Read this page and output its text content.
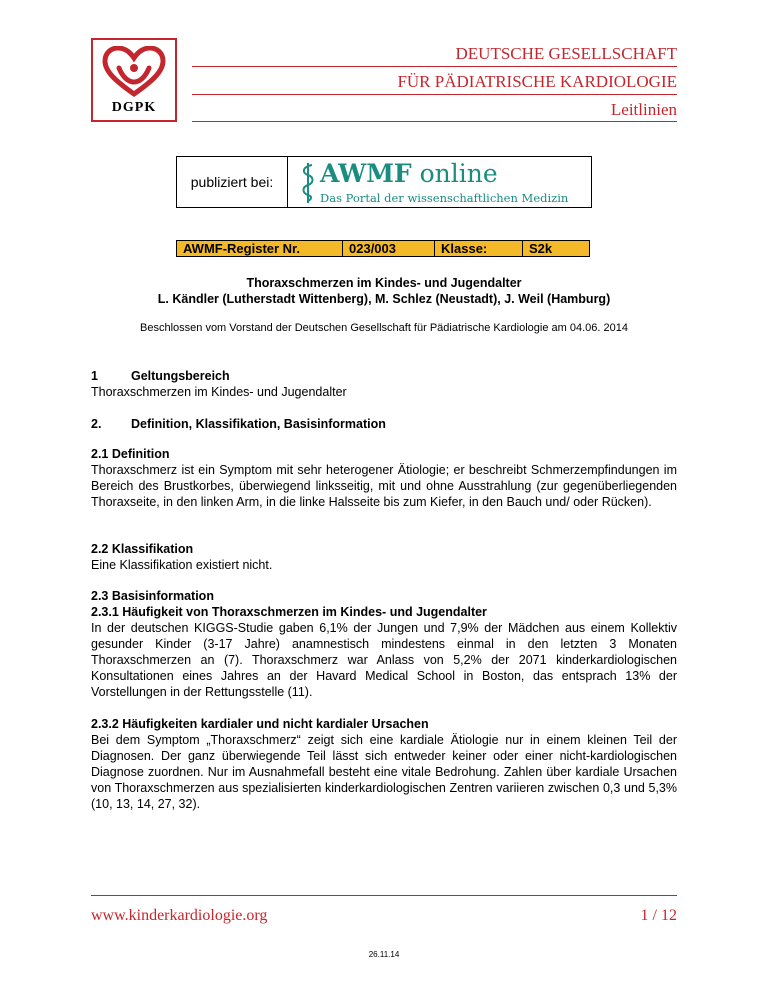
DGPK
DEUTSCHE GESELLSCHAFT
FÜR PÄDIATRISCHE KARDIOLOGIE
Leitlinien
publiziert bei:	AWMF online
Das Portal der wissenschaftlichen Medizin
AWMF-Register Nr.	023/003	Klasse:	S2k
Thoraxschmerzen im Kindes- und Jugendalter
L. Kändler (Lutherstadt Wittenberg), M. Schlez (Neustadt), J. Weil (Hamburg)
Beschlossen vom Vorstand der Deutschen Gesellschaft für Pädiatrische Kardiologie am 04.06. 2014
1	Geltungsbereich
Thoraxschmerzen im Kindes- und Jugendalter
2. Definition, Klassifikation, Basisinformation
2.1 Definition
Thoraxschmerz ist ein Symptom mit sehr heterogener Ätiologie; er beschreibt Schmerzempfindungen im Bereich des Brustkorbes, überwiegend linksseitig, mit und ohne Ausstrahlung (zur gegenüberliegenden Thoraxseite, in den linken Arm, in die linke Halsseite bis zum Kiefer, in den Bauch und/ oder Rücken).
2.2 Klassifikation
Eine Klassifikation existiert nicht.
2.3 Basisinformation
2.3.1 Häufigkeit von Thoraxschmerzen im Kindes- und Jugendalter
In der deutschen KIGGS-Studie gaben 6,1% der Jungen und 7,9% der Mädchen aus einem Kollektiv gesunder Kinder (3-17 Jahre) anamnestisch mindestens einmal in den letzten 3 Monaten Thoraxschmerzen an (7). Thoraxschmerz war Anlass von 5,2% der 2071 kinderkardiologischen Konsultationen eines Jahres an der Havard Medical School in Boston, das entsprach 13% der Vorstellungen in der Rettungsstelle (11).
2.3.2 Häufigkeiten kardialer und nicht kardialer Ursachen
Bei dem Symptom „Thoraxschmerz“ zeigt sich eine kardiale Ätiologie nur in einem kleinen Teil der Diagnosen. Der ganz überwiegende Teil lässt sich entweder keiner oder einer nicht-kardiologischen Diagnose zuordnen. Nur im Ausnahmefall besteht eine vitale Bedrohung. Zahlen über kardiale Ursachen von Thoraxschmerzen aus spezialisierten kinderkardiologischen Zentren variieren zwischen 0,3 und 5,3% (10, 13, 14, 27, 32).
www.kinderkardiologie.org	1 / 12
26.11.14
